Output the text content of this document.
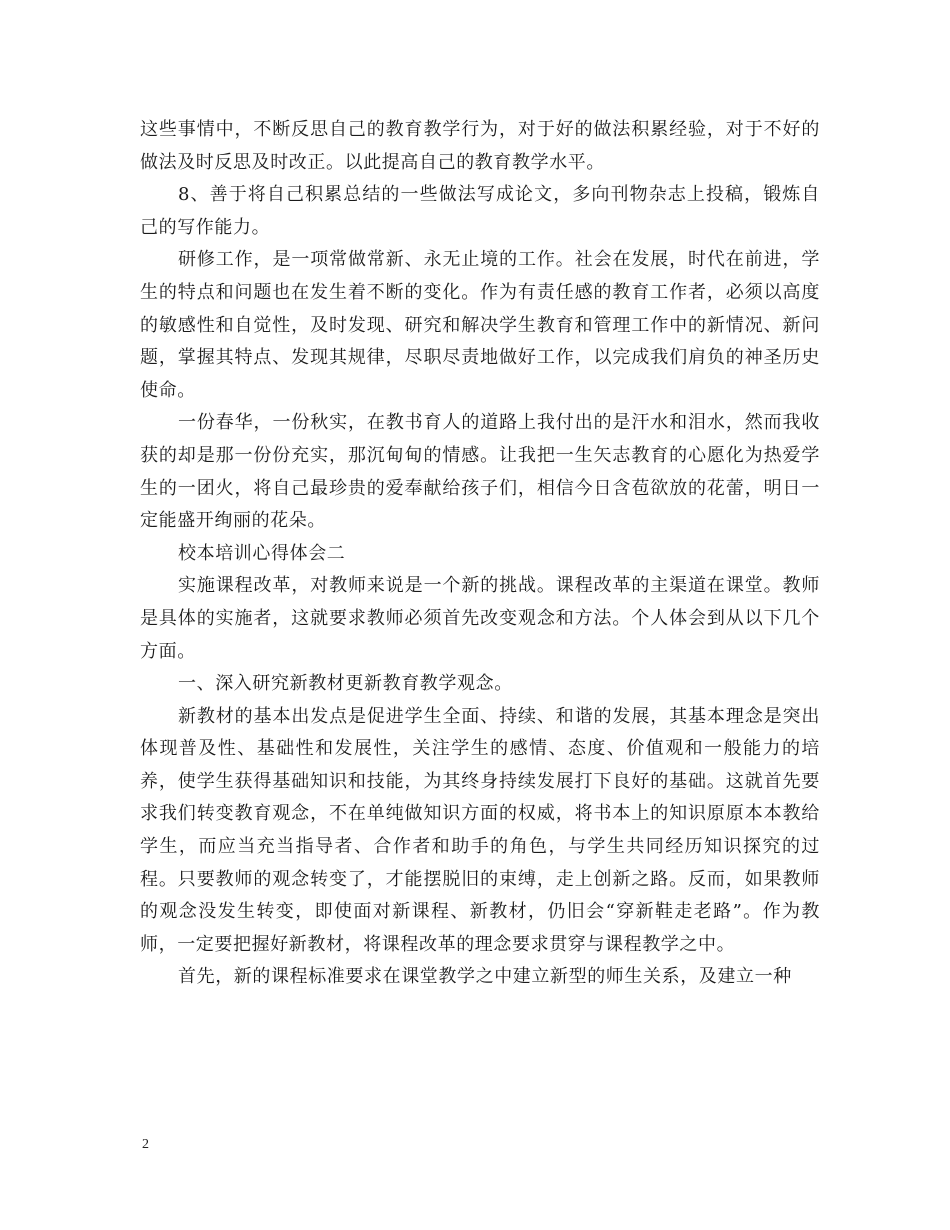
这些事情中，不断反思自己的教育教学行为，对于好的做法积累经验，对于不好的做法及时反思及时改正。以此提高自己的教育教学水平。

8、善于将自己积累总结的一些做法写成论文，多向刊物杂志上投稿，锻炼自己的写作能力。

研修工作，是一项常做常新、永无止境的工作。社会在发展，时代在前进，学生的特点和问题也在发生着不断的变化。作为有责任感的教育工作者，必须以高度的敏感性和自觉性，及时发现、研究和解决学生教育和管理工作中的新情况、新问题，掌握其特点、发现其规律，尽职尽责地做好工作，以完成我们肩负的神圣历史使命。

一份春华，一份秋实，在教书育人的道路上我付出的是汗水和泪水，然而我收获的却是那一份份充实，那沉甸甸的情感。让我把一生矢志教育的心愿化为热爱学生的一团火，将自己最珍贵的爱奉献给孩子们，相信今日含苞欲放的花蕾，明日一定能盛开绚丽的花朵。

校本培训心得体会二

实施课程改革，对教师来说是一个新的挑战。课程改革的主渠道在课堂。教师是具体的实施者，这就要求教师必须首先改变观念和方法。个人体会到从以下几个方面。

一、深入研究新教材更新教育教学观念。

新教材的基本出发点是促进学生全面、持续、和谐的发展，其基本理念是突出体现普及性、基础性和发展性，关注学生的感情、态度、价值观和一般能力的培养，使学生获得基础知识和技能，为其终身持续发展打下良好的基础。这就首先要求我们转变教育观念，不在单纯做知识方面的权威，将书本上的知识原原本本教给学生，而应当充当指导者、合作者和助手的角色，与学生共同经历知识探究的过程。只要教师的观念转变了，才能摆脱旧的束缚，走上创新之路。反而，如果教师的观念没发生转变，即使面对新课程、新教材，仍旧会“穿新鞋走老路”。作为教师，一定要把握好新教材，将课程改革的理念要求贯穿与课程教学之中。

首先，新的课程标准要求在课堂教学之中建立新型的师生关系，及建立一种

2
